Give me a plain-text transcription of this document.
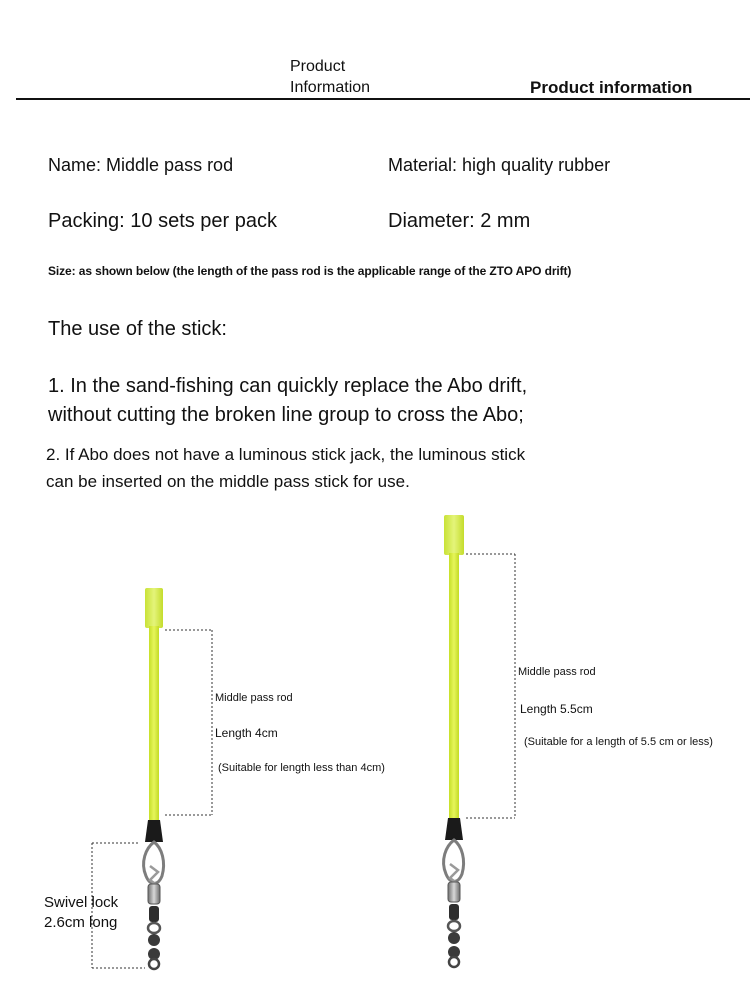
Product
Information	Product information
Name: Middle pass rod	Material: high quality rubber
Packing: 10 sets per pack	Diameter: 2 mm
Size: as shown below (the length of the pass rod is the applicable range of the ZTO APO drift)
The use of the stick:
1. In the sand-fishing can quickly replace the Abo drift,
without cutting the broken line group to cross the Abo;
2. If Abo does not have a luminous stick jack, the luminous stick
can be inserted on the middle pass stick for use.
Middle pass rod
Length 4cm
(Suitable for length less than 4cm)
Middle pass rod
Length 5.5cm
(Suitable for a length of 5.5 cm or less)
Swivel lock
2.6cm long
